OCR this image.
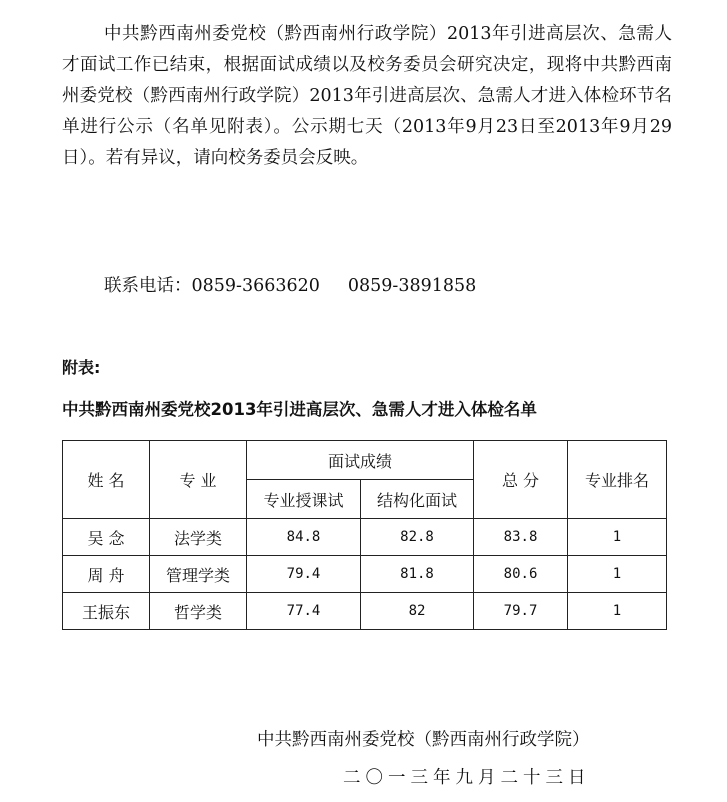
中共黔西南州委党校（黔西南州行政学院）2013年引进高层次、急需人才面试工作已结束，根据面试成绩以及校务委员会研究决定，现将中共黔西南州委党校（黔西南州行政学院）2013年引进高层次、急需人才进入体检环节名单进行公示（名单见附表）。公示期七天（2013年9月23日至2013年9月29日）。若有异议，请向校务委员会反映。

联系电话：0859-3663620 0859-3891858
附表:
中共黔西南州委党校2013年引进高层次、急需人才进入体检名单
姓 名	专 业	面试成绩		总 分	专业排名
		专业授课试	结构化面试		
吴 念	法学类	84.8	82.8	83.8	1
周 舟	管理学类	79.4	81.8	80.6	1
王振东	哲学类	77.4	82	79.7	1
中共黔西南州委党校（黔西南州行政学院）
二〇一三年九月二十三日
